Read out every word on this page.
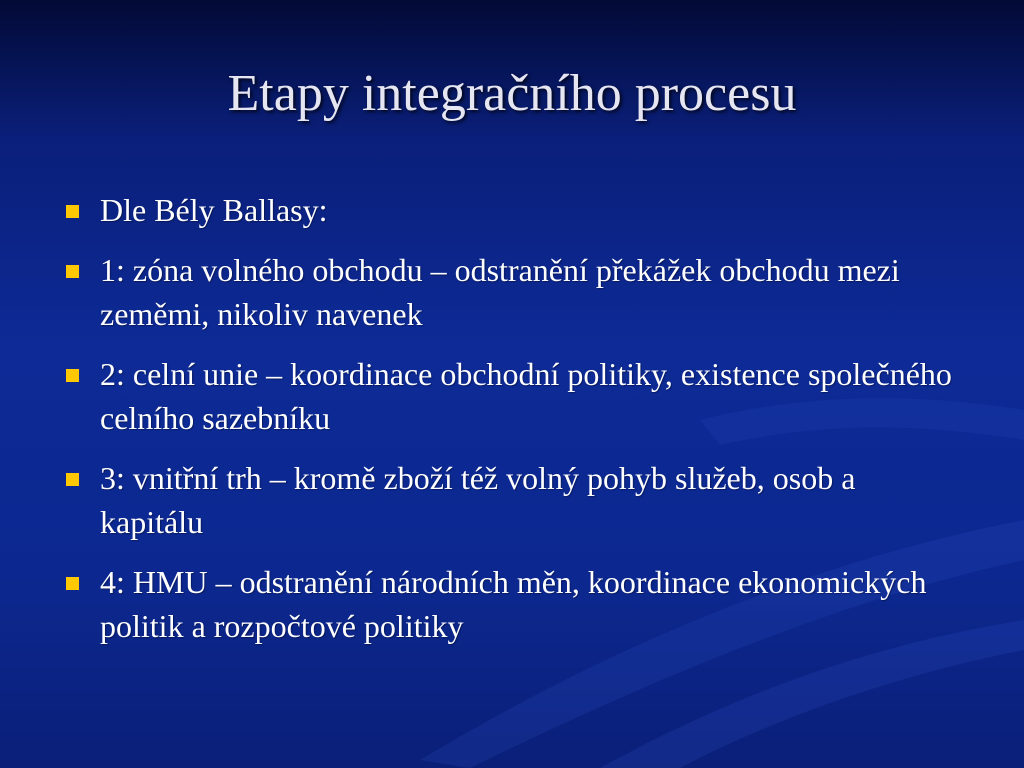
Etapy integračního procesu
Dle Bély Ballasy:
1: zóna volného obchodu – odstranění překážek obchodu mezi zeměmi, nikoliv navenek
2: celní unie – koordinace obchodní politiky, existence společného celního sazebníku
3: vnitřní trh – kromě zboží též volný pohyb služeb, osob a kapitálu
4: HMU – odstranění národních měn, koordinace ekonomických politik a rozpočtové politiky
